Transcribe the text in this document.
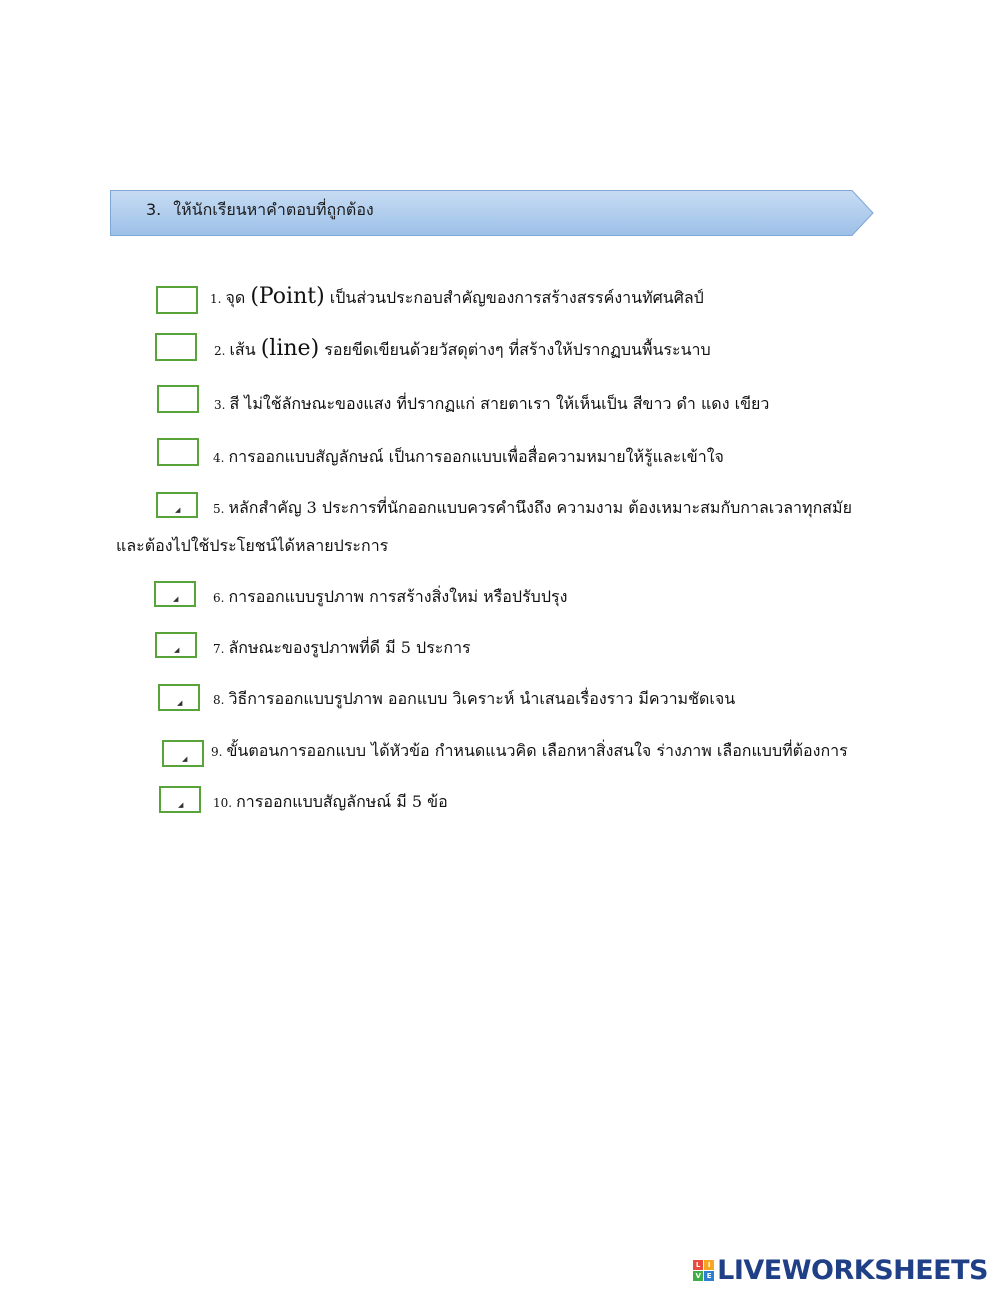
3. ให้นักเรียนหาคำตอบที่ถูกต้อง
1. จุด (Point) เป็นส่วนประกอบสำคัญของการสร้างสรรค์งานทัศนศิลป์
2. เส้น (line) รอยขีดเขียนด้วยวัสดุต่างๆ ที่สร้างให้ปรากฏบนพื้นระนาบ
3. สี ไม่ใช้ลักษณะของแสง ที่ปรากฏแก่ สายตาเรา ให้เห็นเป็น สีขาว ดำ แดง เขียว
4. การออกแบบสัญลักษณ์ เป็นการออกแบบเพื่อสื่อความหมายให้รู้และเข้าใจ
◢	5. หลักสำคัญ 3 ประการที่นักออกแบบควรคำนึงถึง ความงาม ต้องเหมาะสมกับกาลเวลาทุกสมัย
และต้องไปใช้ประโยชน์ได้หลายประการ
◢	6. การออกแบบรูปภาพ การสร้างสิ่งใหม่ หรือปรับปรุง
◢	7. ลักษณะของรูปภาพที่ดี มี 5 ประการ
◢	8. วิธีการออกแบบรูปภาพ ออกแบบ วิเคราะห์ นำเสนอเรื่องราว มีความชัดเจน
◢ 9. ขั้นตอนการออกแบบ ได้หัวข้อ กำหนดแนวคิด เลือกหาสิ่งสนใจ ร่างภาพ เลือกแบบที่ต้องการ
◢ 10. การออกแบบสัญลักษณ์ มี 5 ข้อ
L	I
V E LIVEWORKSHEETS
